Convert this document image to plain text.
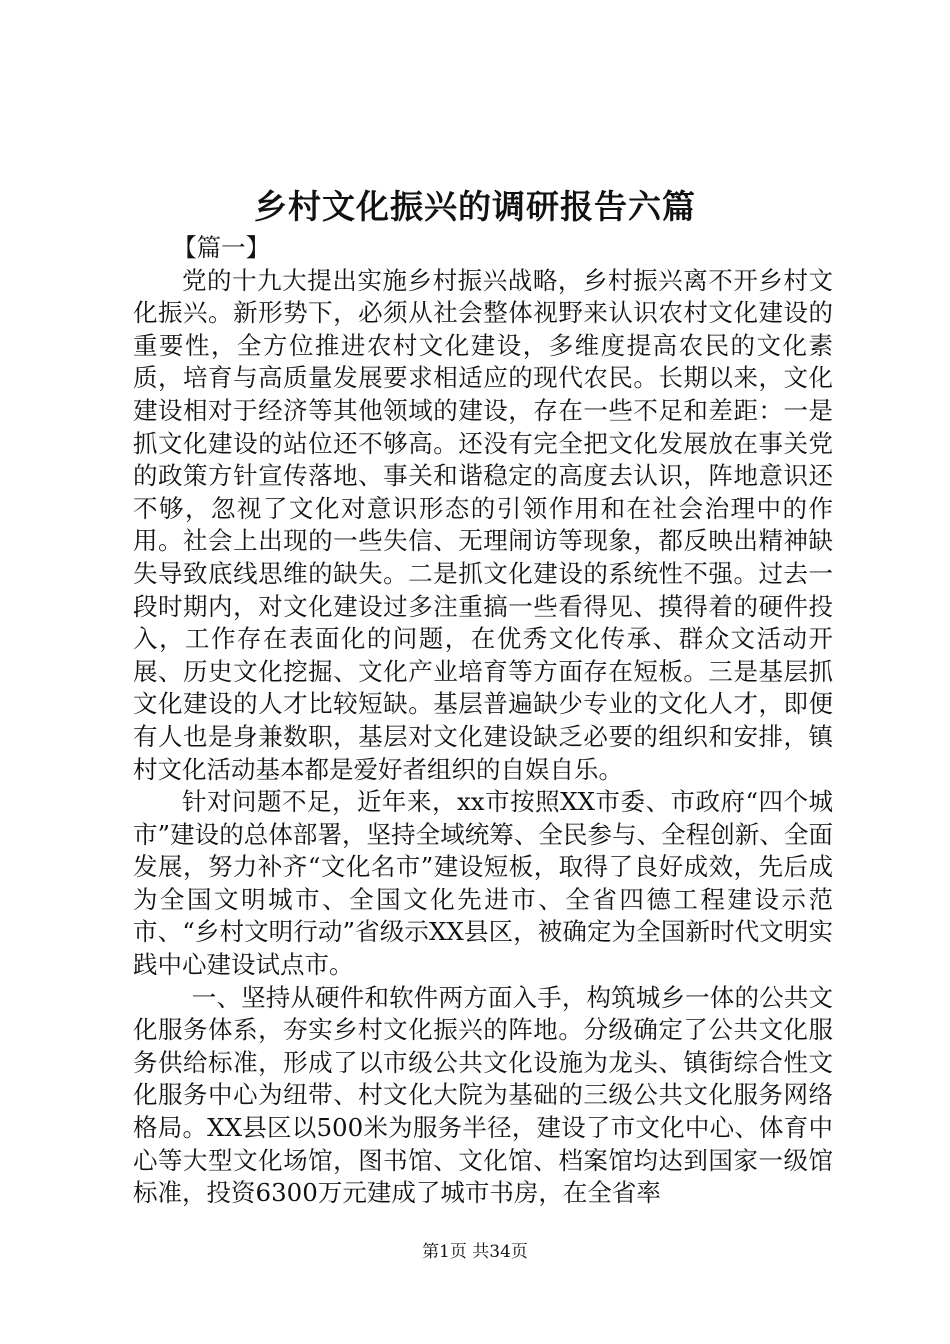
乡村文化振兴的调研报告六篇

【篇一】

党的十九大提出实施乡村振兴战略，乡村振兴离不开乡村文化振兴。新形势下，必须从社会整体视野来认识农村文化建设的重要性，全方位推进农村文化建设，多维度提高农民的文化素质，培育与高质量发展要求相适应的现代农民。长期以来，文化建设相对于经济等其他领域的建设，存在一些不足和差距：一是抓文化建设的站位还不够高。还没有完全把文化发展放在事关党的政策方针宣传落地、事关和谐稳定的高度去认识，阵地意识还不够，忽视了文化对意识形态的引领作用和在社会治理中的作用。社会上出现的一些失信、无理闹访等现象，都反映出精神缺失导致底线思维的缺失。二是抓文化建设的系统性不强。过去一段时期内，对文化建设过多注重搞一些看得见、摸得着的硬件投入，工作存在表面化的问题，在优秀文化传承、群众文活动开展、历史文化挖掘、文化产业培育等方面存在短板。三是基层抓文化建设的人才比较短缺。基层普遍缺少专业的文化人才，即便有人也是身兼数职，基层对文化建设缺乏必要的组织和安排，镇村文化活动基本都是爱好者组织的自娱自乐。

针对问题不足，近年来，xx市按照XX市委、市政府“四个城市”建设的总体部署，坚持全域统筹、全民参与、全程创新、全面发展，努力补齐“文化名市”建设短板，取得了良好成效，先后成为全国文明城市、全国文化先进市、全省四德工程建设示范市、“乡村文明行动”省级示XX县区，被确定为全国新时代文明实践中心建设试点市。

一、坚持从硬件和软件两方面入手，构筑城乡一体的公共文化服务体系，夯实乡村文化振兴的阵地。分级确定了公共文化服务供给标准，形成了以市级公共文化设施为龙头、镇街综合性文化服务中心为纽带、村文化大院为基础的三级公共文化服务网络格局。XX县区以500米为服务半径，建设了市文化中心、体育中心等大型文化场馆，图书馆、文化馆、档案馆均达到国家一级馆标准，投资6300万元建成了城市书房，在全省率

第1页 共34页
